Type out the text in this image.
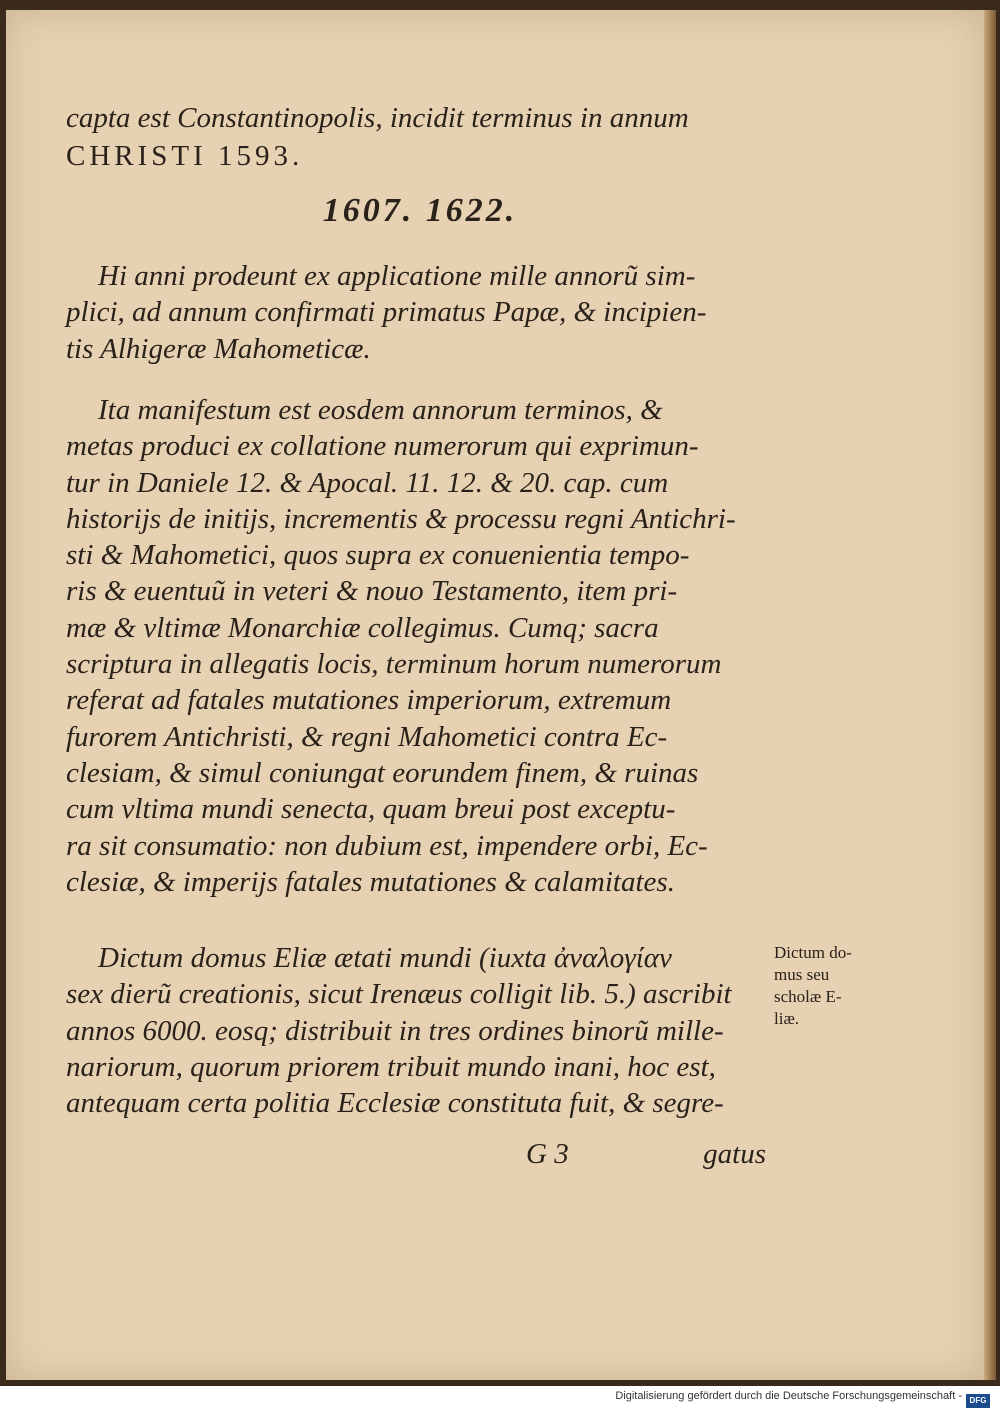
capta est Constantinopolis, incidit terminus in annum
CHRISTI 1593.
1607. 1622.
Hi anni prodeunt ex applicatione mille annorũ sim-
plici, ad annum confirmati primatus Papæ, & incipien-
tis Alhigeræ Mahometicæ.
Ita manifestum est eosdem annorum terminos, &
metas produci ex collatione numerorum qui exprimun-
tur in Daniele 12. & Apocal. 11. 12. & 20. cap. cum
historijs de initijs, incrementis & processu regni Antichri-
sti & Mahometici, quos supra ex conuenientia tempo-
ris & euentuũ in veteri & nouo Testamento, item pri-
mæ & vltimæ Monarchiæ collegimus. Cumq; sacra
scriptura in allegatis locis, terminum horum numerorum
referat ad fatales mutationes imperiorum, extremum
furorem Antichristi, & regni Mahometici contra Ec-
clesiam, & simul coniungat eorundem finem, & ruinas
cum vltima mundi senecta, quam breui post exceptu-
ra sit consumatio: non dubium est, impendere orbi, Ec-
clesiæ, & imperijs fatales mutationes & calamitates.
Dictum domus Eliæ ætati mundi (iuxta ἀναλογίαν
sex dierũ creationis, sicut Irenæus colligit lib. 5.) ascribit
annos 6000. eosq; distribuit in tres ordines binorũ mille-
nariorum, quorum priorem tribuit mundo inani, hoc est,
antequam certa politia Ecclesiæ constituta fuit, & segre-
G 3	gatus
Dictum do-
mus seu
scholæ E-
liæ.
Digitalisierung gefördert durch die Deutsche Forschungsgemeinschaft - DFG
